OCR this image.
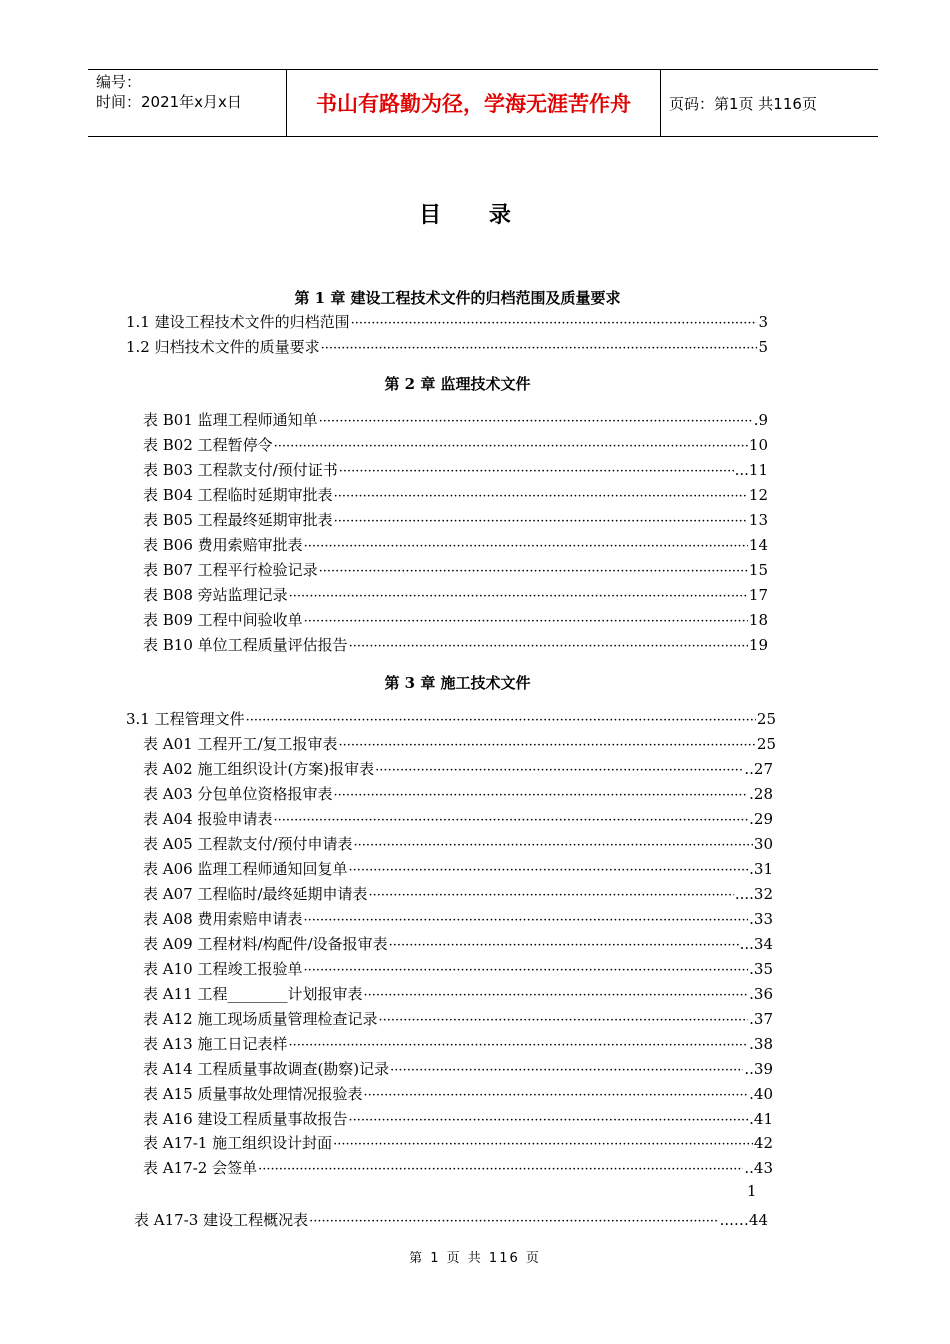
编号：
时间：2021年x月x日	书山有路勤为径，学海无涯苦作舟	页码：第1页 共116页
目 录
第 1 章 建设工程技术文件的归档范围及质量要求
第 2 章 监理技术文件
第 3 章 施工技术文件
1.1 建设工程技术文件的归档范围 ·····	3
1.2 归档技术文件的质量要求 ·····	5
表 B01 监理工程师通知单 ·····	.9
表 B02 工程暂停令 ·····	10
表 B03 工程款支付/预付证书 ·····	...11
表 B04 工程临时延期审批表 ·····	12
表 B05 工程最终延期审批表 ·····	13
表 B06 费用索赔审批表 ·····	14
表 B07 工程平行检验记录 ·····	15
表 B08 旁站监理记录 ·····	17
表 B09 工程中间验收单 ·····	18
表 B10 单位工程质量评估报告 ·····	19
3.1 工程管理文件 ·····	25
表 A01 工程开工/复工报审表 ·····	25
表 A02 施工组织设计(方案)报审表 ·····	..27
表 A03 分包单位资格报审表 ·····	.28
表 A04 报验申请表 ·····	.29
表 A05 工程款支付/预付申请表 ·····	30
表 A06 监理工程师通知回复单 ·····	.31
表 A07 工程临时/最终延期申请表 ·····	....32
表 A08 费用索赔申请表 ·····	.33
表 A09 工程材料/构配件/设备报审表 ·····	...34
表 A10 工程竣工报验单 ·····	.35
表 A11 工程________计划报审表 ·····	.36
表 A12 施工现场质量管理检查记录 ·····	.37
表 A13 施工日记表样 ·····	.38
表 A14 工程质量事故调查(勘察)记录 ·····	..39
表 A15 质量事故处理情况报验表 ·····	.40
表 A16 建设工程质量事故报告 ·····	.41
表 A17-1 施工组织设计封面 ·····	42
表 A17-2 会签单 ·····	..43
表 A17-3 建设工程概况表 ·····	...…44
1
第 1 页 共 116 页
